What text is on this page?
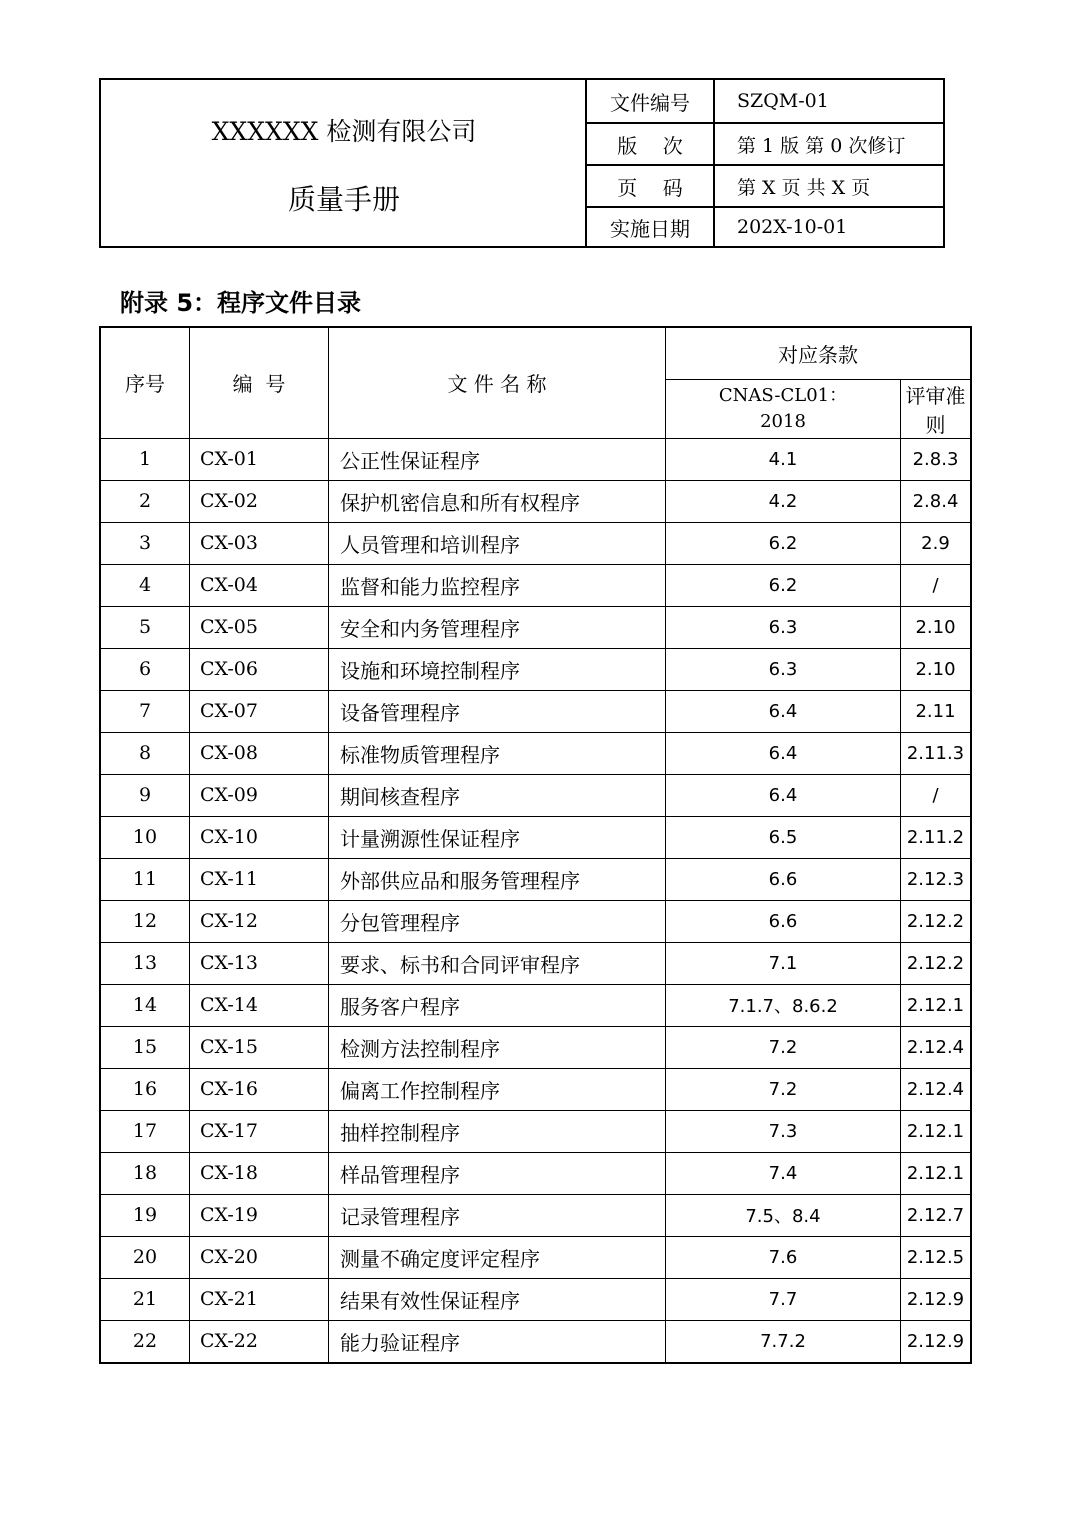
XXXXXX 检测有限公司
质量手册
文件编号	SZQM-01
版    次	第 1 版 第 0 次修订
页    码	第 X 页 共 X 页
实施日期	202X-10-01
附录 5：程序文件目录
序号	编  号	文 件 名 称	对应条款	
			CNAS-CL01：2018	评审准则
1	CX-01	公正性保证程序	4.1	2.8.3
2	CX-02	保护机密信息和所有权程序	4.2	2.8.4
3	CX-03	人员管理和培训程序	6.2	2.9
4	CX-04	监督和能力监控程序	6.2	/
5	CX-05	安全和内务管理程序	6.3	2.10
6	CX-06	设施和环境控制程序	6.3	2.10
7	CX-07	设备管理程序	6.4	2.11
8	CX-08	标准物质管理程序	6.4	2.11.3
9	CX-09	期间核查程序	6.4	/
10	CX-10	计量溯源性保证程序	6.5	2.11.2
11	CX-11	外部供应品和服务管理程序	6.6	2.12.3
12	CX-12	分包管理程序	6.6	2.12.2
13	CX-13	要求、标书和合同评审程序	7.1	2.12.2
14	CX-14	服务客户程序	7.1.7、8.6.2	2.12.1
15	CX-15	检测方法控制程序	7.2	2.12.4
16	CX-16	偏离工作控制程序	7.2	2.12.4
17	CX-17	抽样控制程序	7.3	2.12.1
18	CX-18	样品管理程序	7.4	2.12.1
19	CX-19	记录管理程序	7.5、8.4	2.12.7
20	CX-20	测量不确定度评定程序	7.6	2.12.5
21	CX-21	结果有效性保证程序	7.7	2.12.9
22	CX-22	能力验证程序	7.7.2	2.12.9
